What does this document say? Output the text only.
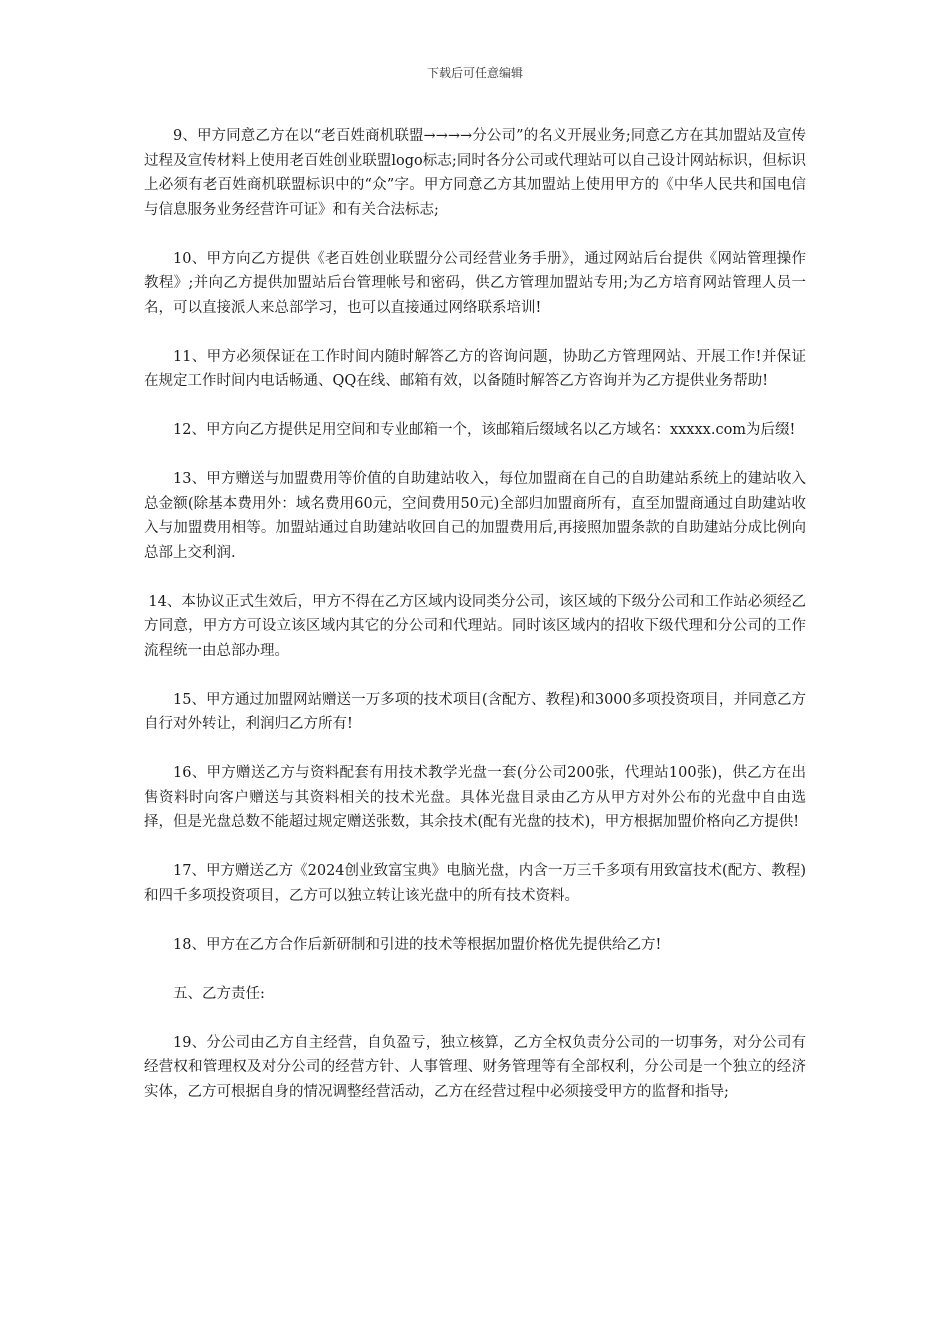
下载后可任意编辑

9、甲方同意乙方在以“老百姓商机联盟→→→→分公司”的名义开展业务;同意乙方在其加盟站及宣传过程及宣传材料上使用老百姓创业联盟logo标志;同时各分公司或代理站可以自己设计网站标识，但标识上必须有老百姓商机联盟标识中的“众”字。甲方同意乙方其加盟站上使用甲方的《中华人民共和国电信与信息服务业务经营许可证》和有关合法标志;

10、甲方向乙方提供《老百姓创业联盟分公司经营业务手册》，通过网站后台提供《网站管理操作教程》;并向乙方提供加盟站后台管理帐号和密码，供乙方管理加盟站专用;为乙方培育网站管理人员一名，可以直接派人来总部学习，也可以直接通过网络联系培训!

11、甲方必须保证在工作时间内随时解答乙方的咨询问题，协助乙方管理网站、开展工作!并保证在规定工作时间内电话畅通、QQ在线、邮箱有效，以备随时解答乙方咨询并为乙方提供业务帮助!

12、甲方向乙方提供足用空间和专业邮箱一个，该邮箱后缀域名以乙方域名：xxxxx.com为后缀!

13、甲方赠送与加盟费用等价值的自助建站收入，每位加盟商在自己的自助建站系统上的建站收入总金额(除基本费用外：域名费用60元，空间费用50元)全部归加盟商所有，直至加盟商通过自助建站收入与加盟费用相等。加盟站通过自助建站收回自己的加盟费用后,再接照加盟条款的自助建站分成比例向总部上交利润.

14、本协议正式生效后，甲方不得在乙方区域内设同类分公司，该区域的下级分公司和工作站必须经乙方同意，甲方方可设立该区域内其它的分公司和代理站。同时该区域内的招收下级代理和分公司的工作流程统一由总部办理。

15、甲方通过加盟网站赠送一万多项的技术项目(含配方、教程)和3000多项投资项目，并同意乙方自行对外转让，利润归乙方所有!

16、甲方赠送乙方与资料配套有用技术教学光盘一套(分公司200张，代理站100张)，供乙方在出售资料时向客户赠送与其资料相关的技术光盘。具体光盘目录由乙方从甲方对外公布的光盘中自由选择，但是光盘总数不能超过规定赠送张数，其余技术(配有光盘的技术)，甲方根据加盟价格向乙方提供!

17、甲方赠送乙方《2024创业致富宝典》电脑光盘，内含一万三千多项有用致富技术(配方、教程)和四千多项投资项目，乙方可以独立转让该光盘中的所有技术资料。

18、甲方在乙方合作后新研制和引进的技术等根据加盟价格优先提供给乙方!

五、乙方责任:

19、分公司由乙方自主经营，自负盈亏，独立核算，乙方全权负责分公司的一切事务，对分公司有经营权和管理权及对分公司的经营方针、人事管理、财务管理等有全部权利，分公司是一个独立的经济实体，乙方可根据自身的情况调整经营活动，乙方在经营过程中必须接受甲方的监督和指导;
